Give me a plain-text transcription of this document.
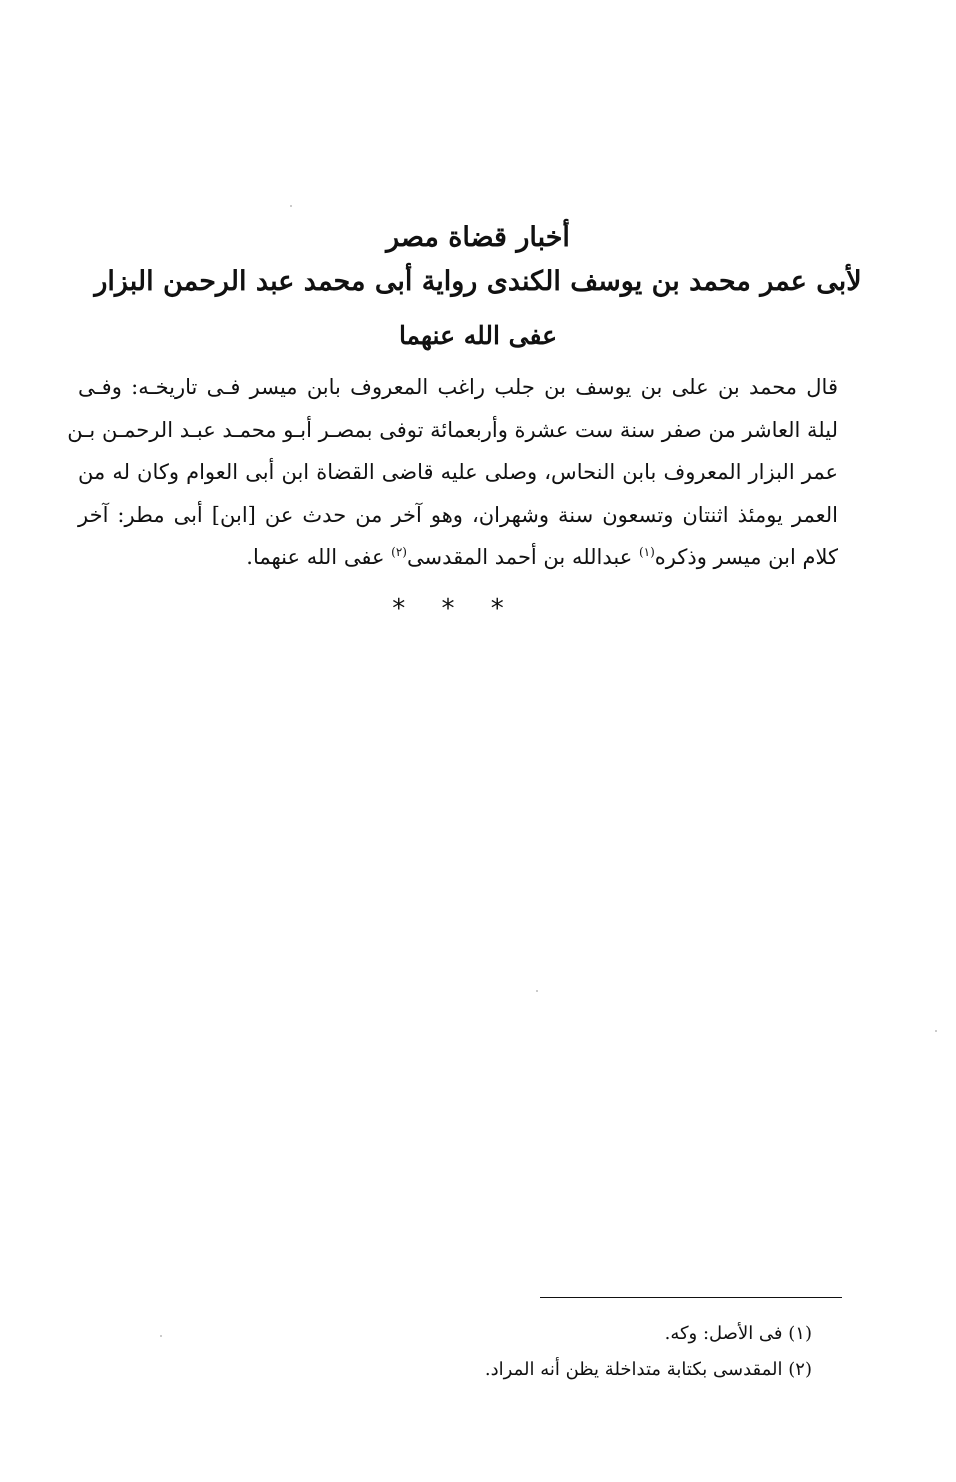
أخبار قضاة مصر
لأبى عمر محمد بن يوسف الكندى رواية أبى محمد عبد الرحمن البزار
عفى الله عنهما
قال محمد بن على بن يوسف بن جلب راغب المعروف بابن ميسر فـى تاريخـه: وفـى
ليلة العاشر من صفر سنة ست عشرة وأربعمائة توفى بمصـر أبـو محمـد عبـد الرحمـن بـن
عمر البزار المعروف بابن النحاس، وصلى عليه قاضى القضاة ابن أبى العوام وكان له من
العمر يومئذ اثنتان وتسعون سنة وشهران، وهو آخر من حدث عن [ابن] أبى مطر: آخر
كلام ابن ميسر وذكره$^{(١)}$ عبدالله بن أحمد المقدسى$^{(٢)}$ عفى الله عنهما.
* * *
(١) فى الأصل: وكه.
(٢) المقدسى بكتابة متداخلة يظن أنه المراد.
